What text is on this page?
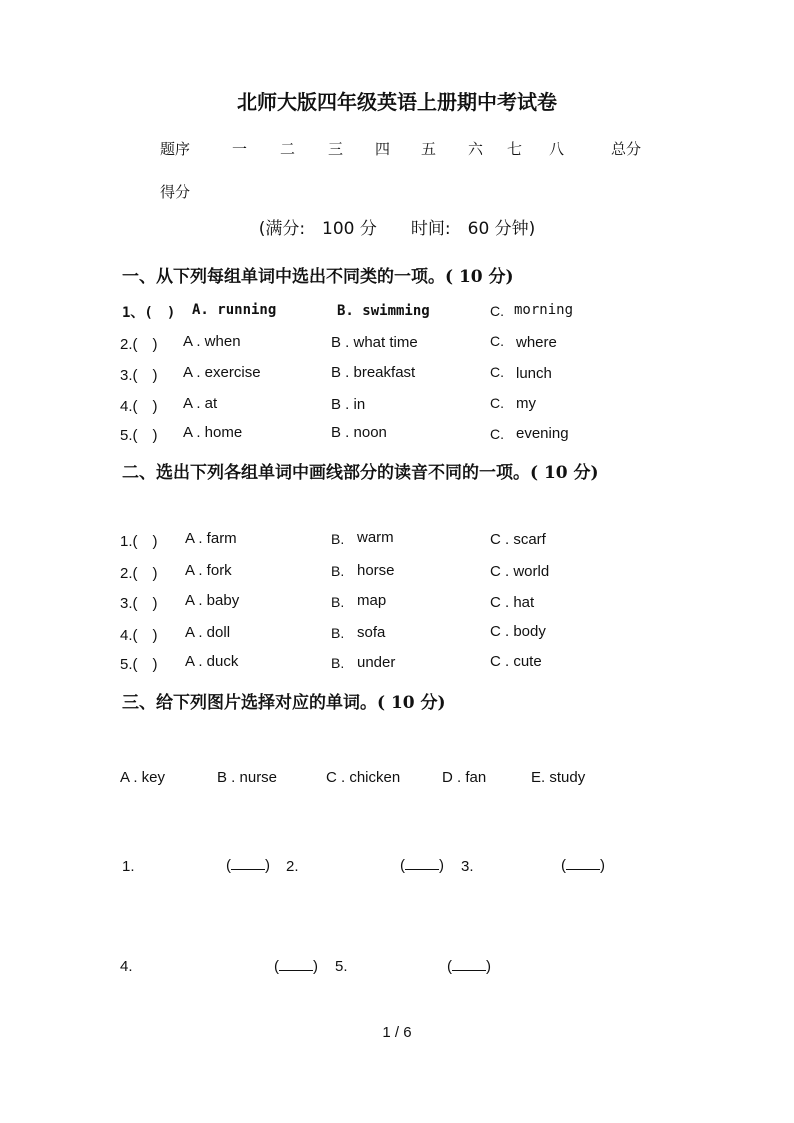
北师大版四年级英语上册期中考试卷
题序	一 二 三 四 五 六 七 八	总分
得分
(满分:　100 分　　时间:　60 分钟)
一、从下列每组单词中选出不同类的一项。( 10 分)
1、(　) A. running	B. swimming	C. morning
2.(　) A . when	B . what time	C. where
3.(　) A . exercise	B . breakfast	C. lunch
4.(　) A . at	B . in	C. my
5.(　) A . home	B . noon	C. evening
二、选出下列各组单词中画线部分的读音不同的一项。( 10 分)
1.(　) A . farm	B. warm	C . scarf
2.(　) A . fork	B. horse	C . world
3.(　) A . baby	B. map	C . hat
4.(　) A . doll	B. sofa	C . body
5.(　) A . duck	B. under	C . cute
三、给下列图片选择对应的单词。( 10 分)
A . key	B . nurse	C . chicken	D . fan	E. study
1.	( ) 2.	( ) 3.	( )
4.	( ) 5.	( )
1 / 6
